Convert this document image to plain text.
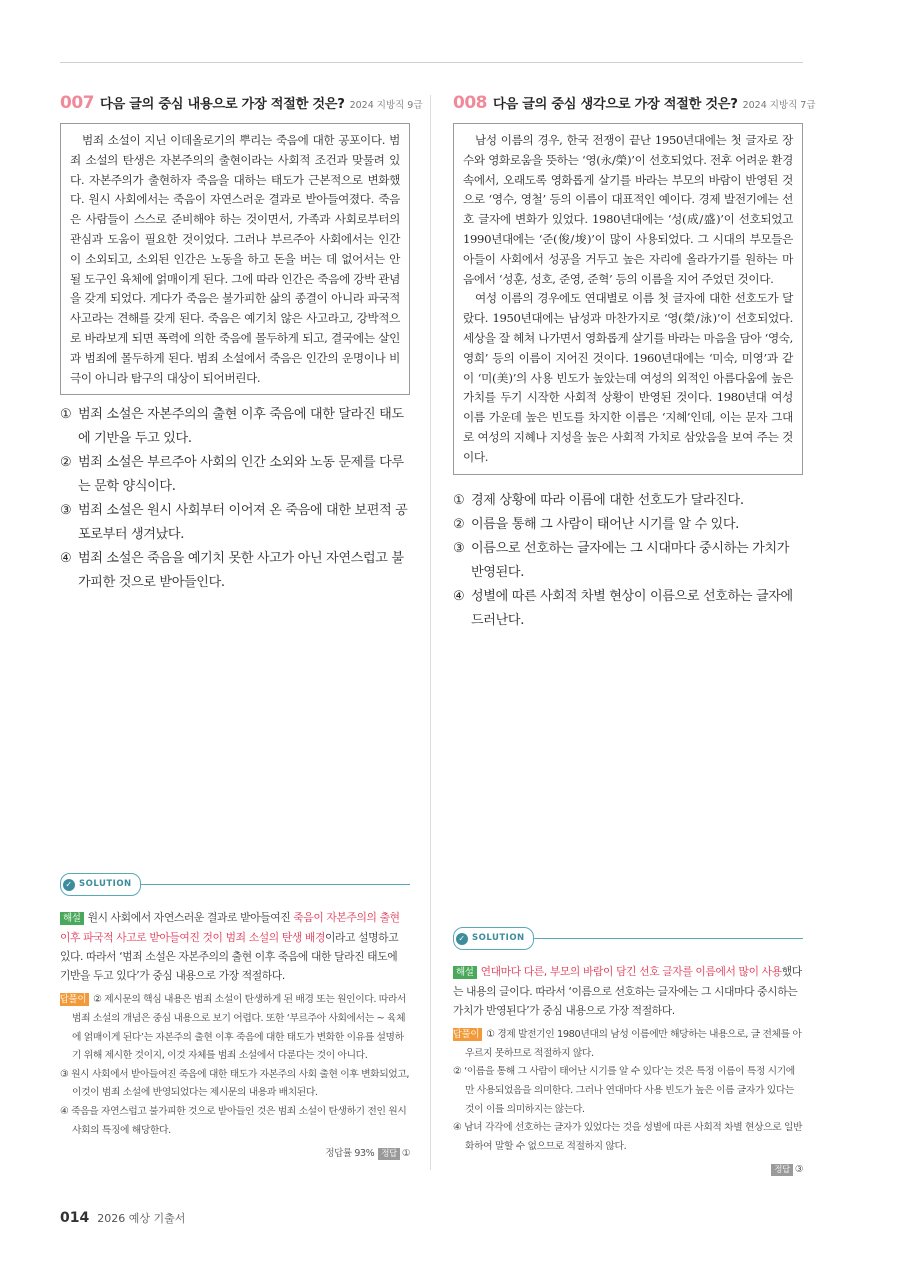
007 다음 글의 중심 내용으로 가장 적절한 것은? 2024 지방직 9급

범죄 소설이 지닌 이데올로기의 뿌리는 죽음에 대한 공포이다. 범죄 소설의 탄생은 자본주의의 출현이라는 사회적 조건과 맞물려 있다. 자본주의가 출현하자 죽음을 대하는 태도가 근본적으로 변화했다. 원시 사회에서는 죽음이 자연스러운 결과로 받아들여졌다. 죽음은 사람들이 스스로 준비해야 하는 것이면서, 가족과 사회로부터의 관심과 도움이 필요한 것이었다. 그러나 부르주아 사회에서는 인간이 소외되고, 소외된 인간은 노동을 하고 돈을 버는 데 없어서는 안 될 도구인 육체에 얽매이게 된다. 그에 따라 인간은 죽음에 강박 관념을 갖게 되었다. 게다가 죽음은 불가피한 삶의 종결이 아니라 파국적 사고라는 견해를 갖게 된다. 죽음은 예기치 않은 사고라고, 강박적으로 바라보게 되면 폭력에 의한 죽음에 몰두하게 되고, 결국에는 살인과 범죄에 몰두하게 된다. 범죄 소설에서 죽음은 인간의 운명이나 비극이 아니라 탐구의 대상이 되어버린다.

① 범죄 소설은 자본주의의 출현 이후 죽음에 대한 달라진 태도에 기반을 두고 있다.
② 범죄 소설은 부르주아 사회의 인간 소외와 노동 문제를 다루는 문학 양식이다.
③ 범죄 소설은 원시 사회부터 이어져 온 죽음에 대한 보편적 공포로부터 생겨났다.
④ 범죄 소설은 죽음을 예기치 못한 사고가 아닌 자연스럽고 불가피한 것으로 받아들인다.
008 다음 글의 중심 생각으로 가장 적절한 것은? 2024 지방직 7급

남성 이름의 경우, 한국 전쟁이 끝난 1950년대에는 첫 글자로 장수와 영화로움을 뜻하는 ‘영(永/榮)’이 선호되었다. 전후 어려운 환경 속에서, 오래도록 영화롭게 살기를 바라는 부모의 바람이 반영된 것으로 ‘영수, 영철’ 등의 이름이 대표적인 예이다. 경제 발전기에는 선호 글자에 변화가 있었다. 1980년대에는 ‘성(成/盛)’이 선호되었고 1990년대에는 ‘준(俊/埈)’이 많이 사용되었다. 그 시대의 부모들은 아들이 사회에서 성공을 거두고 높은 자리에 올라가기를 원하는 마음에서 ‘성훈, 성호, 준영, 준혁’ 등의 이름을 지어 주었던 것이다.

여성 이름의 경우에도 연대별로 이름 첫 글자에 대한 선호도가 달랐다. 1950년대에는 남성과 마찬가지로 ‘영(榮/泳)’이 선호되었다. 세상을 잘 헤쳐 나가면서 영화롭게 살기를 바라는 마음을 담아 ‘영숙, 영희’ 등의 이름이 지어진 것이다. 1960년대에는 ‘미숙, 미영’과 같이 ‘미(美)’의 사용 빈도가 높았는데 여성의 외적인 아름다움에 높은 가치를 두기 시작한 사회적 상황이 반영된 것이다. 1980년대 여성 이름 가운데 높은 빈도를 차지한 이름은 ‘지혜’인데, 이는 문자 그대로 여성의 지혜나 지성을 높은 사회적 가치로 삼았음을 보여 주는 것이다.

① 경제 상황에 따라 이름에 대한 선호도가 달라진다.
② 이름을 통해 그 사람이 태어난 시기를 알 수 있다.
③ 이름으로 선호하는 글자에는 그 시대마다 중시하는 가치가 반영된다.
④ 성별에 따른 사회적 차별 현상이 이름으로 선호하는 글자에 드러난다.
✓ SOLUTION
해설 원시 사회에서 자연스러운 결과로 받아들여진 죽음이 자본주의의 출현 이후 파국적 사고로 받아들여진 것이 범죄 소설의 탄생 배경이라고 설명하고 있다. 따라서 ‘범죄 소설은 자본주의의 출현 이후 죽음에 대한 달라진 태도에 기반을 두고 있다’가 중심 내용으로 가장 적절하다.
오답풀이 ② 제시문의 핵심 내용은 범죄 소설이 탄생하게 된 배경 또는 원인이다. 따라서 범죄 소설의 개념은 중심 내용으로 보기 어렵다. 또한 ‘부르주아 사회에서는 ~ 육체에 얽매이게 된다’는 자본주의 출현 이후 죽음에 대한 태도가 변화한 이유를 설명하기 위해 제시한 것이지, 이것 자체를 범죄 소설에서 다룬다는 것이 아니다.
③ 원시 사회에서 받아들여진 죽음에 대한 태도가 자본주의 사회 출현 이후 변화되었고, 이것이 범죄 소설에 반영되었다는 제시문의 내용과 배치된다.
④ 죽음을 자연스럽고 불가피한 것으로 받아들인 것은 범죄 소설이 탄생하기 전인 원시 사회의 특징에 해당한다.
정답률 93% 정답 ①
✓ SOLUTION
해설 연대마다 다른, 부모의 바람이 담긴 선호 글자를 이름에서 많이 사용했다는 내용의 글이다. 따라서 ‘이름으로 선호하는 글자에는 그 시대마다 중시하는 가치가 반영된다’가 중심 내용으로 가장 적절하다.
오답풀이 ① 경제 발전기인 1980년대의 남성 이름에만 해당하는 내용으로, 글 전체를 아우르지 못하므로 적절하지 않다.
② ‘이름을 통해 그 사람이 태어난 시기를 알 수 있다’는 것은 특정 이름이 특정 시기에만 사용되었음을 의미한다. 그러나 연대마다 사용 빈도가 높은 이름 글자가 있다는 것이 이를 의미하지는 않는다.
④ 남녀 각각에 선호하는 글자가 있었다는 것을 성별에 따른 사회적 차별 현상으로 일반화하여 말할 수 없으므로 적절하지 않다.
정답 ③
014 2026 예상 기출서
